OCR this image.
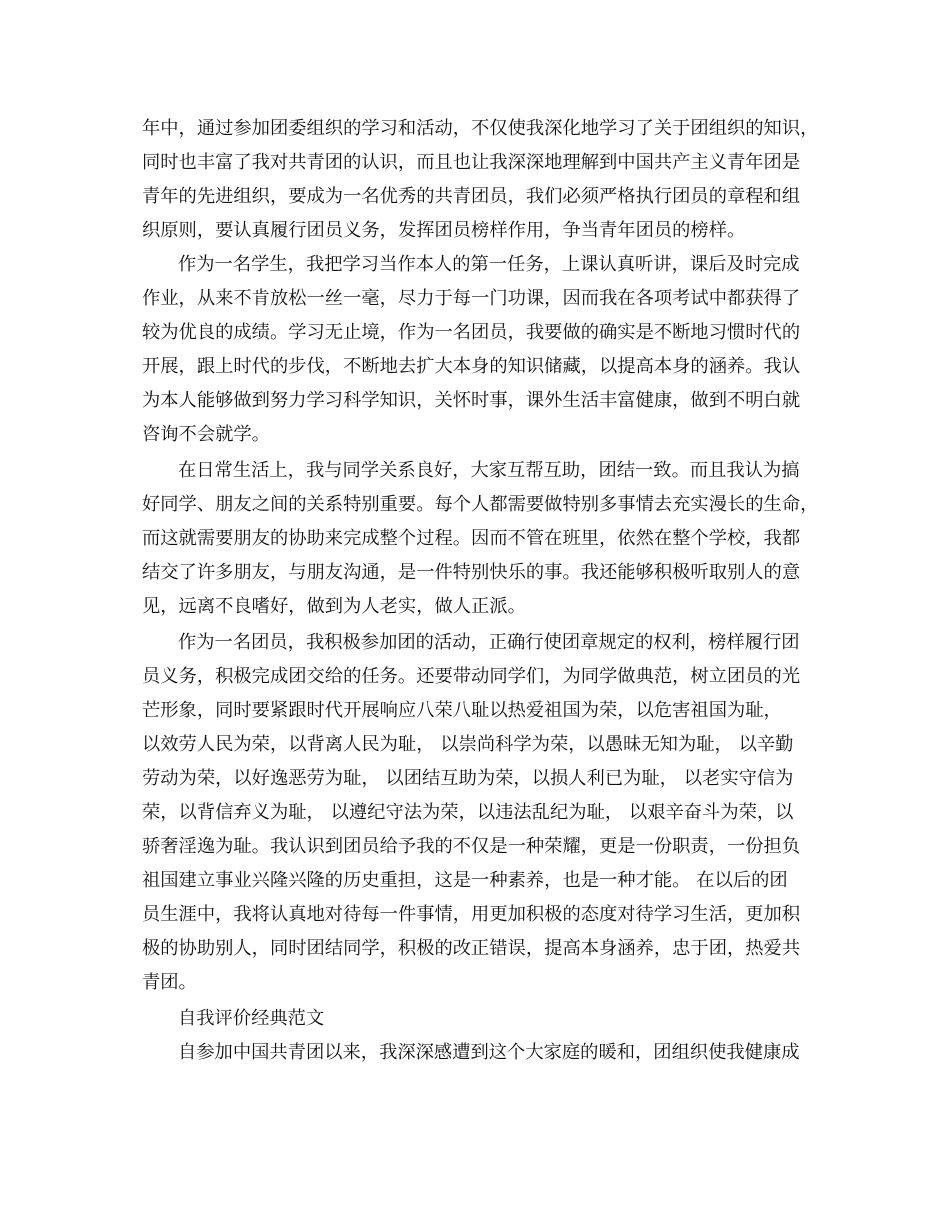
年中，通过参加团委组织的学习和活动，不仅使我深化地学习了关于团组织的知识，
同时也丰富了我对共青团的认识，而且也让我深深地理解到中国共产主义青年团是
青年的先进组织，要成为一名优秀的共青团员，我们必须严格执行团员的章程和组
织原则，要认真履行团员义务，发挥团员榜样作用，争当青年团员的榜样。
作为一名学生，我把学习当作本人的第一任务，上课认真听讲，课后及时完成
作业，从来不肯放松一丝一毫，尽力于每一门功课，因而我在各项考试中都获得了
较为优良的成绩。学习无止境，作为一名团员，我要做的确实是不断地习惯时代的
开展，跟上时代的步伐，不断地去扩大本身的知识储藏，以提高本身的涵养。我认
为本人能够做到努力学习科学知识，关怀时事，课外生活丰富健康，做到不明白就
咨询不会就学。
在日常生活上，我与同学关系良好，大家互帮互助，团结一致。而且我认为搞
好同学、朋友之间的关系特别重要。每个人都需要做特别多事情去充实漫长的生命，
而这就需要朋友的协助来完成整个过程。因而不管在班里，依然在整个学校，我都
结交了许多朋友，与朋友沟通，是一件特别快乐的事。我还能够积极听取别人的意
见，远离不良嗜好，做到为人老实，做人正派。
作为一名团员，我积极参加团的活动，正确行使团章规定的权利，榜样履行团
员义务，积极完成团交给的任务。还要带动同学们，为同学做典范，树立团员的光
芒形象，同时要紧跟时代开展响应八荣八耻以热爱祖国为荣，以危害祖国为耻，
以效劳人民为荣，以背离人民为耻， 以崇尚科学为荣，以愚昧无知为耻， 以辛勤
劳动为荣，以好逸恶劳为耻， 以团结互助为荣，以损人利已为耻， 以老实守信为
荣，以背信弃义为耻， 以遵纪守法为荣，以违法乱纪为耻， 以艰辛奋斗为荣，以
骄奢淫逸为耻。我认识到团员给予我的不仅是一种荣耀，更是一份职责，一份担负
祖国建立事业兴隆兴隆的历史重担，这是一种素养，也是一种才能。 在以后的团
员生涯中，我将认真地对待每一件事情，用更加积极的态度对待学习生活，更加积
极的协助别人，同时团结同学，积极的改正错误，提高本身涵养，忠于团，热爱共
青团。
自我评价经典范文
自参加中国共青团以来，我深深感遭到这个大家庭的暖和，团组织使我健康成
